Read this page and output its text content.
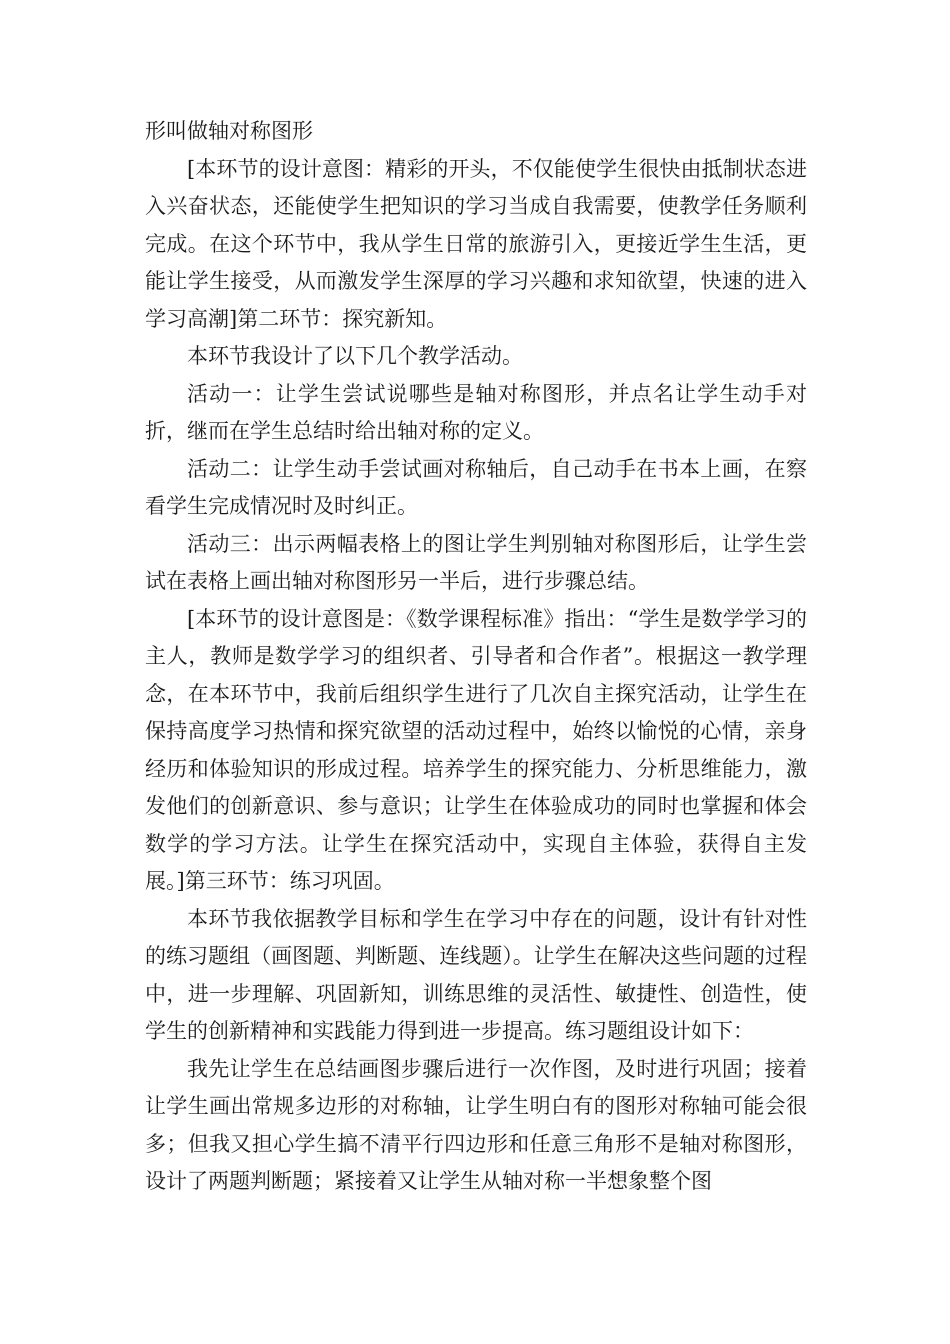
形叫做轴对称图形

[本环节的设计意图：精彩的开头，不仅能使学生很快由抵制状态进入兴奋状态，还能使学生把知识的学习当成自我需要，使教学任务顺利完成。在这个环节中，我从学生日常的旅游引入，更接近学生生活，更能让学生接受，从而激发学生深厚的学习兴趣和求知欲望，快速的进入学习高潮]第二环节：探究新知。

本环节我设计了以下几个教学活动。

活动一：让学生尝试说哪些是轴对称图形，并点名让学生动手对折，继而在学生总结时给出轴对称的定义。

活动二：让学生动手尝试画对称轴后，自己动手在书本上画，在察看学生完成情况时及时纠正。

活动三：出示两幅表格上的图让学生判别轴对称图形后，让学生尝试在表格上画出轴对称图形另一半后，进行步骤总结。

[本环节的设计意图是：《数学课程标准》指出：“学生是数学学习的主人，教师是数学学习的组织者、引导者和合作者”。根据这一教学理念，在本环节中，我前后组织学生进行了几次自主探究活动，让学生在保持高度学习热情和探究欲望的活动过程中，始终以愉悦的心情，亲身经历和体验知识的形成过程。培养学生的探究能力、分析思维能力，激发他们的创新意识、参与意识；让学生在体验成功的同时也掌握和体会数学的学习方法。让学生在探究活动中，实现自主体验，获得自主发展。]第三环节：练习巩固。

本环节我依据教学目标和学生在学习中存在的问题，设计有针对性的练习题组（画图题、判断题、连线题）。让学生在解决这些问题的过程中，进一步理解、巩固新知，训练思维的灵活性、敏捷性、创造性，使学生的创新精神和实践能力得到进一步提高。练习题组设计如下：

我先让学生在总结画图步骤后进行一次作图，及时进行巩固；接着让学生画出常规多边形的对称轴，让学生明白有的图形对称轴可能会很多；但我又担心学生搞不清平行四边形和任意三角形不是轴对称图形，设计了两题判断题；紧接着又让学生从轴对称一半想象整个图
